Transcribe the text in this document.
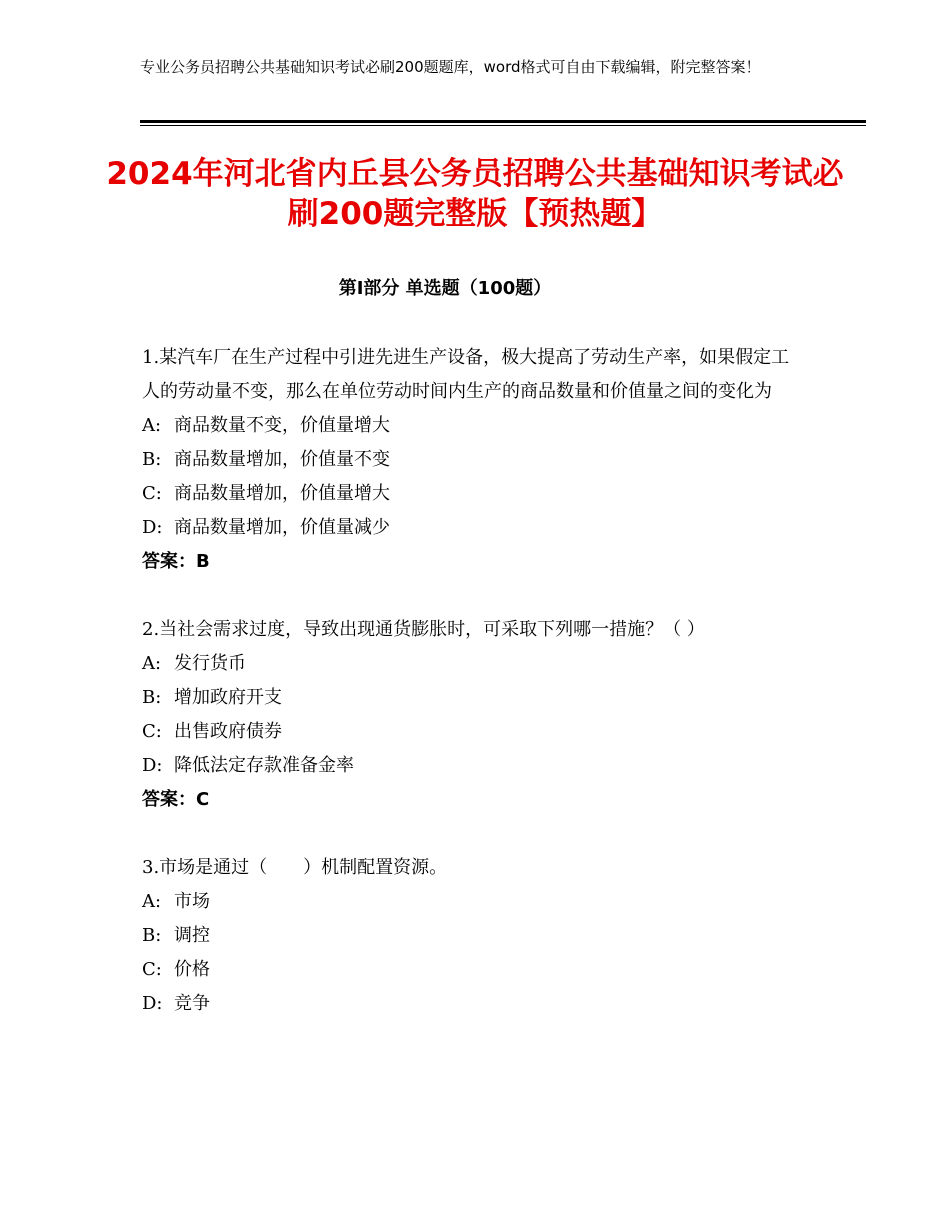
专业公务员招聘公共基础知识考试必刷200题题库，word格式可自由下载编辑，附完整答案！
2024年河北省内丘县公务员招聘公共基础知识考试必刷200题完整版【预热题】
第Ⅰ部分 单选题（100题）
1.某汽车厂在生产过程中引进先进生产设备，极大提高了劳动生产率，如果假定工人的劳动量不变，那么在单位劳动时间内生产的商品数量和价值量之间的变化为
A: 商品数量不变，价值量增大
B: 商品数量增加，价值量不变
C: 商品数量增加，价值量增大
D: 商品数量增加，价值量减少
答案：B
2.当社会需求过度，导致出现通货膨胀时，可采取下列哪一措施？（ ）
A: 发行货币
B: 增加政府开支
C: 出售政府债券
D: 降低法定存款准备金率
答案：C
3.市场是通过（　　）机制配置资源。
A: 市场
B: 调控
C: 价格
D: 竞争
